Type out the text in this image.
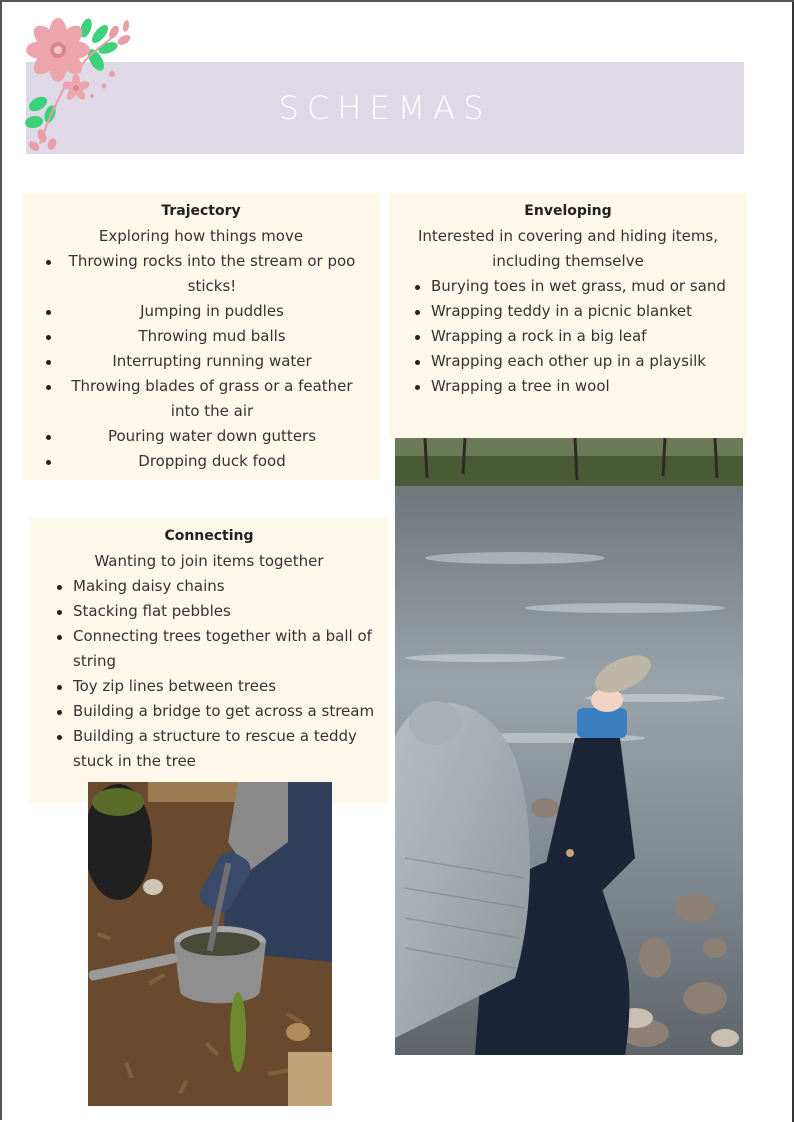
SCHEMAS
Trajectory
Exploring how things move
Throwing rocks into the stream or poo sticks!
Jumping in puddles
Throwing mud balls
Interrupting running water
Throwing blades of grass or a feather into the air
Pouring water down gutters
Dropping duck food
Enveloping
Interested in covering and hiding items, including themselve
Burying toes in wet grass, mud or sand
Wrapping teddy in a picnic blanket
Wrapping a rock in a big leaf
Wrapping each other up in a playsilk
Wrapping a tree in wool
Connecting
Wanting to join items together
Making daisy chains
Stacking flat pebbles
Connecting trees together with a ball of string
Toy zip lines between trees
Building a bridge to get across a stream
Building a structure to rescue a teddy stuck in the tree
